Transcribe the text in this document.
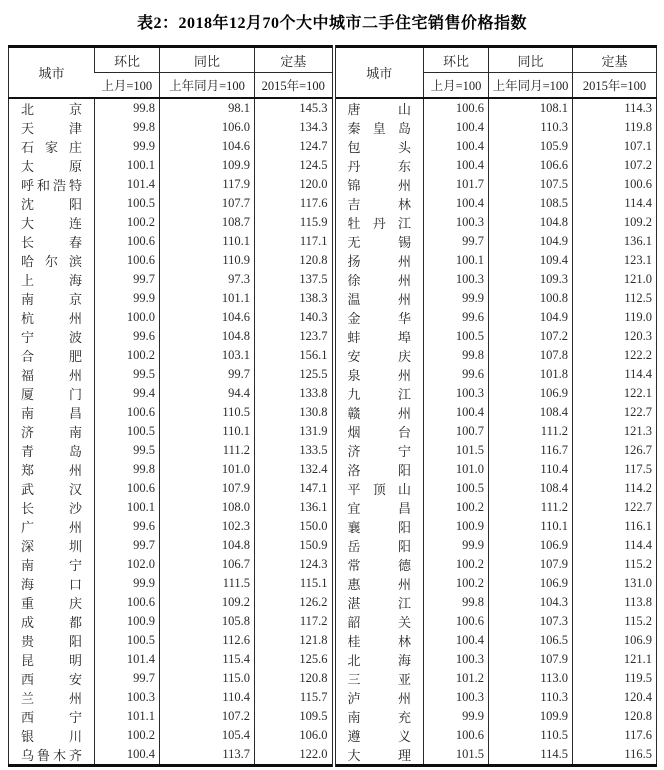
表2：2018年12月70个大中城市二手住宅销售价格指数
城市	环比	同比	定基	城市	环比	同比	定基
	上月=100	上年同月=100	2015年=100		上月=100	上年同月=100	2015年=100
北京	99.8	98.1	145.3	唐山	100.6	108.1	114.3
天津	99.8	106.0	134.3	秦皇岛	100.4	110.3	119.8
石家庄	99.9	104.6	124.7	包头	100.4	105.9	107.1
太原	100.1	109.9	124.5	丹东	100.4	106.6	107.2
呼和浩特	101.4	117.9	120.0	锦州	101.7	107.5	100.6
沈阳	100.5	107.7	117.6	吉林	100.4	108.5	114.4
大连	100.2	108.7	115.9	牡丹江	100.3	104.8	109.2
长春	100.6	110.1	117.1	无锡	99.7	104.9	136.1
哈尔滨	100.6	110.9	120.8	扬州	100.1	109.4	123.1
上海	99.7	97.3	137.5	徐州	100.3	109.3	121.0
南京	99.9	101.1	138.3	温州	99.9	100.8	112.5
杭州	100.0	104.6	140.3	金华	99.6	104.9	119.0
宁波	99.6	104.8	123.7	蚌埠	100.5	107.2	120.3
合肥	100.2	103.1	156.1	安庆	99.8	107.8	122.2
福州	99.5	99.7	125.5	泉州	99.6	101.8	114.4
厦门	99.4	94.4	133.8	九江	100.3	106.9	122.1
南昌	100.6	110.5	130.8	赣州	100.4	108.4	122.7
济南	100.5	110.1	131.9	烟台	100.7	111.2	121.3
青岛	99.5	111.2	133.5	济宁	101.5	116.7	126.7
郑州	99.8	101.0	132.4	洛阳	101.0	110.4	117.5
武汉	100.6	107.9	147.1	平顶山	100.5	108.4	114.2
长沙	100.1	108.0	136.1	宜昌	100.2	111.2	122.7
广州	99.6	102.3	150.0	襄阳	100.9	110.1	116.1
深圳	99.7	104.8	150.9	岳阳	99.9	106.9	114.4
南宁	102.0	106.7	124.3	常德	100.2	107.9	115.2
海口	99.9	111.5	115.1	惠州	100.2	106.9	131.0
重庆	100.6	109.2	126.2	湛江	99.8	104.3	113.8
成都	100.9	105.8	117.2	韶关	100.6	107.3	115.2
贵阳	100.5	112.6	121.8	桂林	100.4	106.5	106.9
昆明	101.4	115.4	125.6	北海	100.3	107.9	121.1
西安	99.7	115.0	120.8	三亚	101.2	113.0	119.5
兰州	100.3	110.4	115.7	泸州	100.3	110.3	120.4
西宁	101.1	107.2	109.5	南充	99.9	109.9	120.8
银川	100.2	105.4	106.0	遵义	100.6	110.5	117.6
乌鲁木齐	100.4	113.7	122.0	大理	101.5	114.5	116.5
